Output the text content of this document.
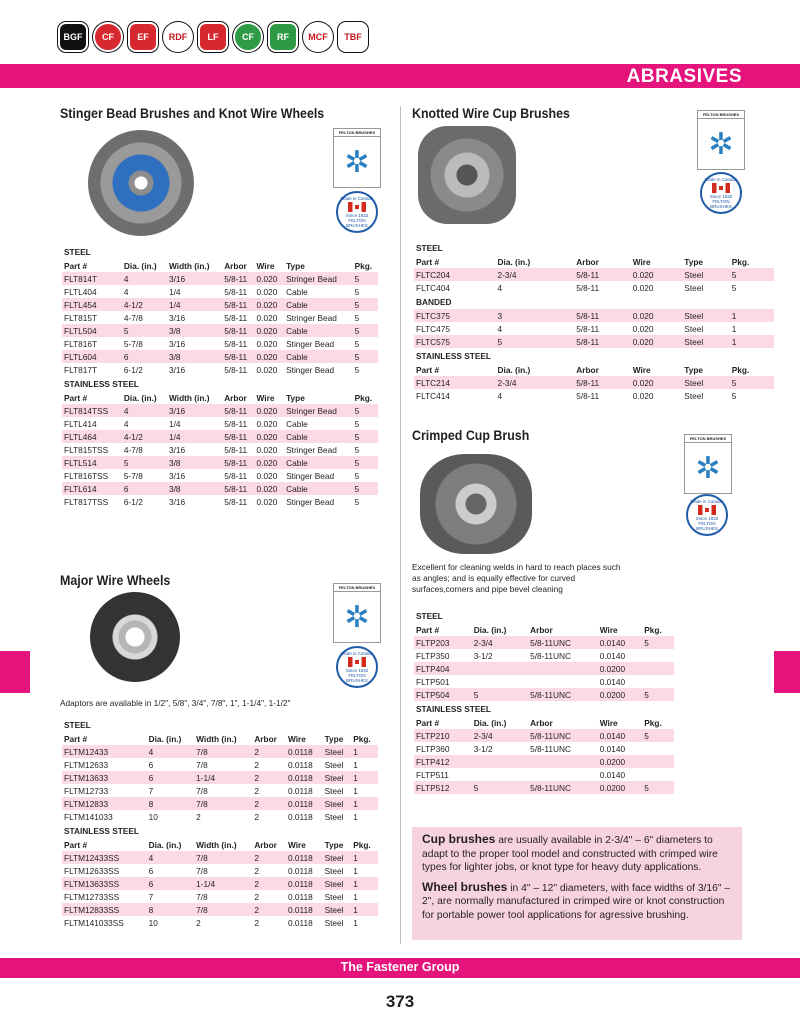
BGF	CF	EF	RDF	LF	CF	RF	MCF	TBF
ABRASIVES
Stinger Bead Brushes and Knot Wire Wheels
FELTON BRUSHES
✲
Made in Canada
Since 1932
FELTON BRUSHES
STEEL						
Part #	Dia. (in.)	Width (in.)	Arbor	Wire	Type	Pkg.
FLT814T	4	3/16	5/8-11	0.020	Stringer Bead	5
FLTL404	4	1/4	5/8-11	0.020	Cable	5
FLTL454	4-1/2	1/4	5/8-11	0.020	Cable	5
FLT815T	4-7/8	3/16	5/8-11	0.020	Stringer Bead	5
FLTL504	5	3/8	5/8-11	0.020	Cable	5
FLT816T	5-7/8	3/16	5/8-11	0.020	Stinger Bead	5
FLTL604	6	3/8	5/8-11	0.020	Cable	5
FLT817T	6-1/2	3/16	5/8-11	0.020	Stinger Bead	5
STAINLESS STEEL						
Part #	Dia. (in.)	Width (in.)	Arbor	Wire	Type	Pkg.
FLT814TSS	4	3/16	5/8-11	0.020	Stringer Bead	5
FLTL414	4	1/4	5/8-11	0.020	Cable	5
FLTL464	4-1/2	1/4	5/8-11	0.020	Cable	5
FLT815TSS	4-7/8	3/16	5/8-11	0.020	Stringer Bead	5
FLTL514	5	3/8	5/8-11	0.020	Cable	5
FLT816TSS	5-7/8	3/16	5/8-11	0.020	Stinger Bead	5
FLTL614	6	3/8	5/8-11	0.020	Cable	5
FLT817TSS	6-1/2	3/16	5/8-11	0.020	Stinger Bead	5
Major Wire Wheels	FELTON BRUSHES
✲
Made in Canada
Since 1932
FELTON BRUSHES
Adaptors are available in 1/2", 5/8", 3/4", 7/8", 1", 1-1/4", 1-1/2"
STEEL						
Part #	Dia. (in.)	Width (in.)	Arbor	Wire	Type	Pkg.
FLTM12433	4	7/8	2	0.0118	Steel	1
FLTM12633	6	7/8	2	0.0118	Steel	1
FLTM13633	6	1-1/4	2	0.0118	Steel	1
FLTM12733	7	7/8	2	0.0118	Steel	1
FLTM12833	8	7/8	2	0.0118	Steel	1
FLTM141033	10	2	2	0.0118	Steel	1
STAINLESS STEEL						
Part #	Dia. (in.)	Width (in.)	Arbor	Wire	Type	Pkg.
FLTM12433SS	4	7/8	2	0.0118	Steel	1
FLTM12633SS	6	7/8	2	0.0118	Steel	1
FLTM13633SS	6	1-1/4	2	0.0118	Steel	1
FLTM12733SS	7	7/8	2	0.0118	Steel	1
FLTM12833SS	8	7/8	2	0.0118	Steel	1
FLTM141033SS	10	2	2	0.0118	Steel	1
Knotted Wire Cup Brushes	FELTON BRUSHES
✲
Made in Canada
Since 1932
FELTON BRUSHES
STEEL					
Part #	Dia. (in.)	Arbor	Wire	Type	Pkg.
FLTC204	2-3/4	5/8-11	0.020	Steel	5
FLTC404	4	5/8-11	0.020	Steel	5
BANDED					
FLTC375	3	5/8-11	0.020	Steel	1
FLTC475	4	5/8-11	0.020	Steel	1
FLTC575	5	5/8-11	0.020	Steel	1
STAINLESS STEEL					
Part #	Dia. (in.)	Arbor	Wire	Type	Pkg.
FLTC214	2-3/4	5/8-11	0.020	Steel	5
FLTC414	4	5/8-11	0.020	Steel	5
Crimped Cup Brush	FELTON BRUSHES
✲
Made in Canada
Since 1932
FELTON BRUSHES
Excellent for cleaning welds in hard to reach places such as angles; and is equally effective for curved surfaces,corners and pipe bevel cleaning
STEEL				
Part #	Dia. (in.)	Arbor	Wire	Pkg.
FLTP203	2-3/4	5/8-11UNC	0.0140	5
FLTP350	3-1/2	5/8-11UNC	0.0140	
FLTP404			0.0200	
FLTP501			0.0140	
FLTP504	5	5/8-11UNC	0.0200	5
STAINLESS STEEL				
Part #	Dia. (in.)	Arbor	Wire	Pkg.
FLTP210	2-3/4	5/8-11UNC	0.0140	5
FLTP360	3-1/2	5/8-11UNC	0.0140	
FLTP412			0.0200	
FLTP511			0.0140	
FLTP512	5	5/8-11UNC	0.0200	5

Cup brushes are usually available in 2-3/4" – 6" diameters to adapt to the proper tool model and constructed with crimped wire types for lighter jobs, or knot type for heavy duty applications.

Wheel brushes in 4" – 12" diameters, with face widths of 3/16" – 2", are normally manufactured in crimped wire or knot construction for portable power tool applications for agressive brushing.

The Fastener Group
373
